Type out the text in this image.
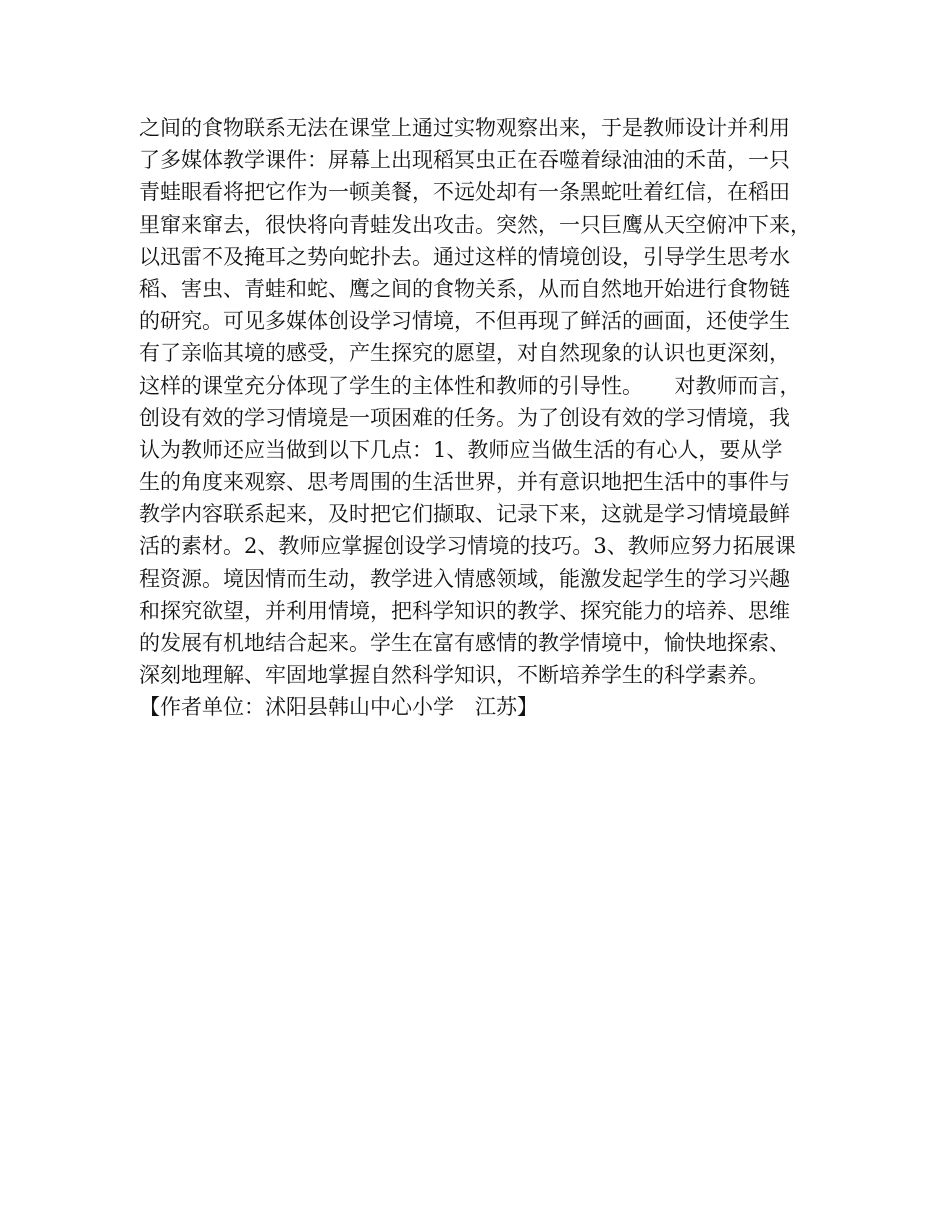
之间的食物联系无法在课堂上通过实物观察出来，于是教师设计并利用

了多媒体教学课件：屏幕上出现稻冥虫正在吞噬着绿油油的禾苗，一只

青蛙眼看将把它作为一顿美餐，不远处却有一条黑蛇吐着红信，在稻田

里窜来窜去，很快将向青蛙发出攻击。突然，一只巨鹰从天空俯冲下来，

以迅雷不及掩耳之势向蛇扑去。通过这样的情境创设，引导学生思考水

稻、害虫、青蛙和蛇、鹰之间的食物关系，从而自然地开始进行食物链

的研究。可见多媒体创设学习情境，不但再现了鲜活的画面，还使学生

有了亲临其境的感受，产生探究的愿望，对自然现象的认识也更深刻，

这样的课堂充分体现了学生的主体性和教师的引导性。　　对教师而言，

创设有效的学习情境是一项困难的任务。为了创设有效的学习情境，我

认为教师还应当做到以下几点：1、教师应当做生活的有心人，要从学

生的角度来观察、思考周围的生活世界，并有意识地把生活中的事件与

教学内容联系起来，及时把它们撷取、记录下来，这就是学习情境最鲜

活的素材。2、教师应掌握创设学习情境的技巧。3、教师应努力拓展课

程资源。境因情而生动，教学进入情感领域，能激发起学生的学习兴趣

和探究欲望，并利用情境，把科学知识的教学、探究能力的培养、思维

的发展有机地结合起来。学生在富有感情的教学情境中，愉快地探索、

深刻地理解、牢固地掌握自然科学知识，不断培养学生的科学素养。

【作者单位：沭阳县韩山中心小学　江苏】
